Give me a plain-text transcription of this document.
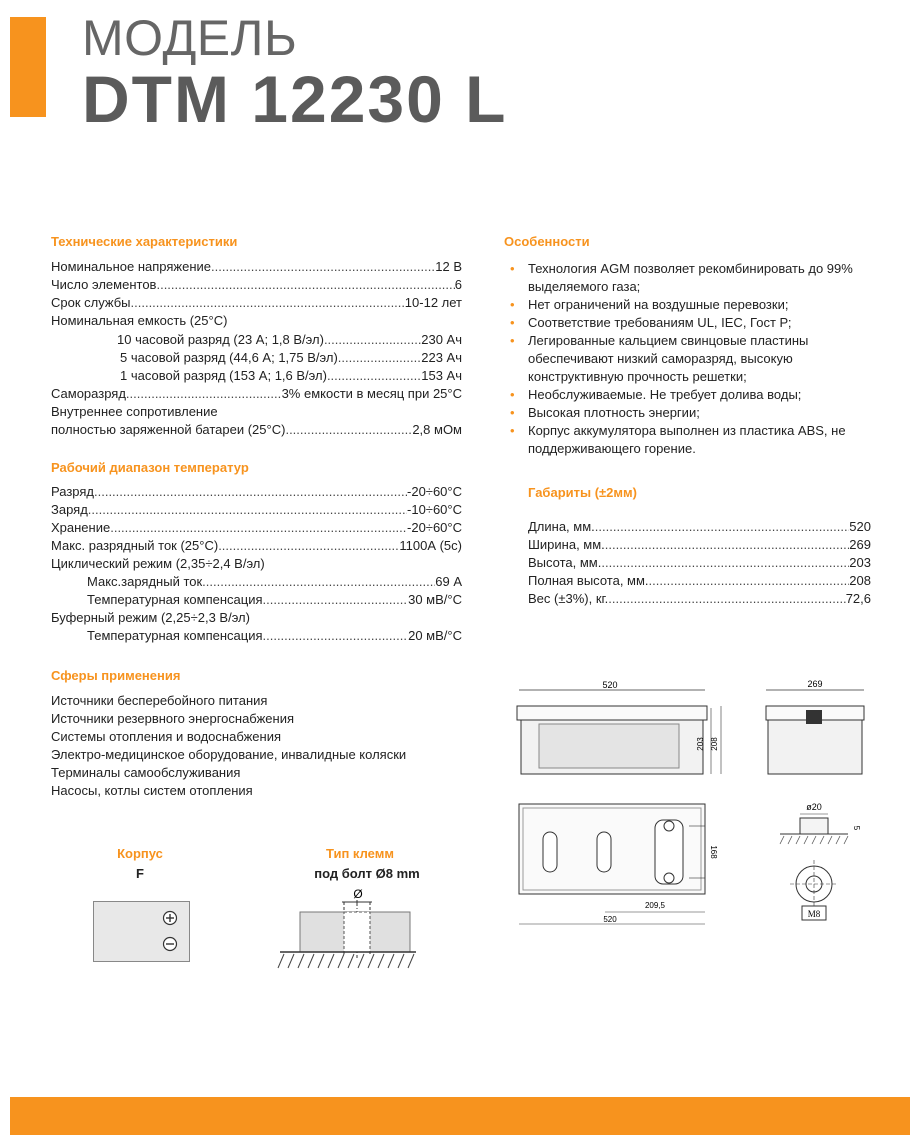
МОДЕЛЬ
DTM 12230 L
Технические характеристики
Номинальное напряжение .....	12 В
Число элементов .....	6
Срок службы .....	10-12 лет
Номинальная емкость (25°С)
10 часовой разряд (23 А; 1,8 В/эл) .....	230 Ач
5 часовой разряд (44,6 А; 1,75 В/эл) .....	223 Ач
1 часовой разряд (153 А; 1,6 В/эл) .....	153 Ач
Саморазряд .....	3% емкости в месяц при 25°С
Внутреннее сопротивление
полностью заряженной батареи (25°С) .....	2,8 мОм
Рабочий диапазон температур
Разряд .....	-20÷60°С
Заряд .....	-10÷60°С
Хранение .....	-20÷60°С
Макс. разрядный ток (25°С) .....	1100А (5с)
Циклический режим (2,35÷2,4 В/эл)
Макс.зарядный ток .....	69 А
Температурная компенсация .....	30 мВ/°С
Буферный режим (2,25÷2,3 В/эл)
Температурная компенсация .....	20 мВ/°С
Сферы применения
Источники бесперебойного питания
Источники резервного энергоснабжения
Системы отопления и водоснабжения
Электро-медицинское оборудование, инвалидные коляски
Терминалы самообслуживания
Насосы, котлы систем отопления
Особенности
• Технология AGM позволяет рекомбинировать до 99% выделяемого газа;
• Нет ограничений на воздушные перевозки;
• Соответствие требованиям UL, IEC, Гост Р;
• Легированные кальцием свинцовые пластины обеспечивают низкий саморазряд, высокую конструктивную прочность решетки;
• Необслуживаемые. Не требует долива воды;
• Высокая плотность энергии;
• Корпус аккумулятора выполнен из пластика ABS, не поддерживающего горение.
Габариты (±2мм)
Длина, мм. .....	520
Ширина, мм. .....	269
Высота, мм. .....	203
Полная высота, мм. .....	208
Вес (±3%), кг. .....	72,6
Корпус
F
Тип клемм
под болт Ø8 mm
Ø
520
203 208
269
168
209,5
520
ø20
5
M8
